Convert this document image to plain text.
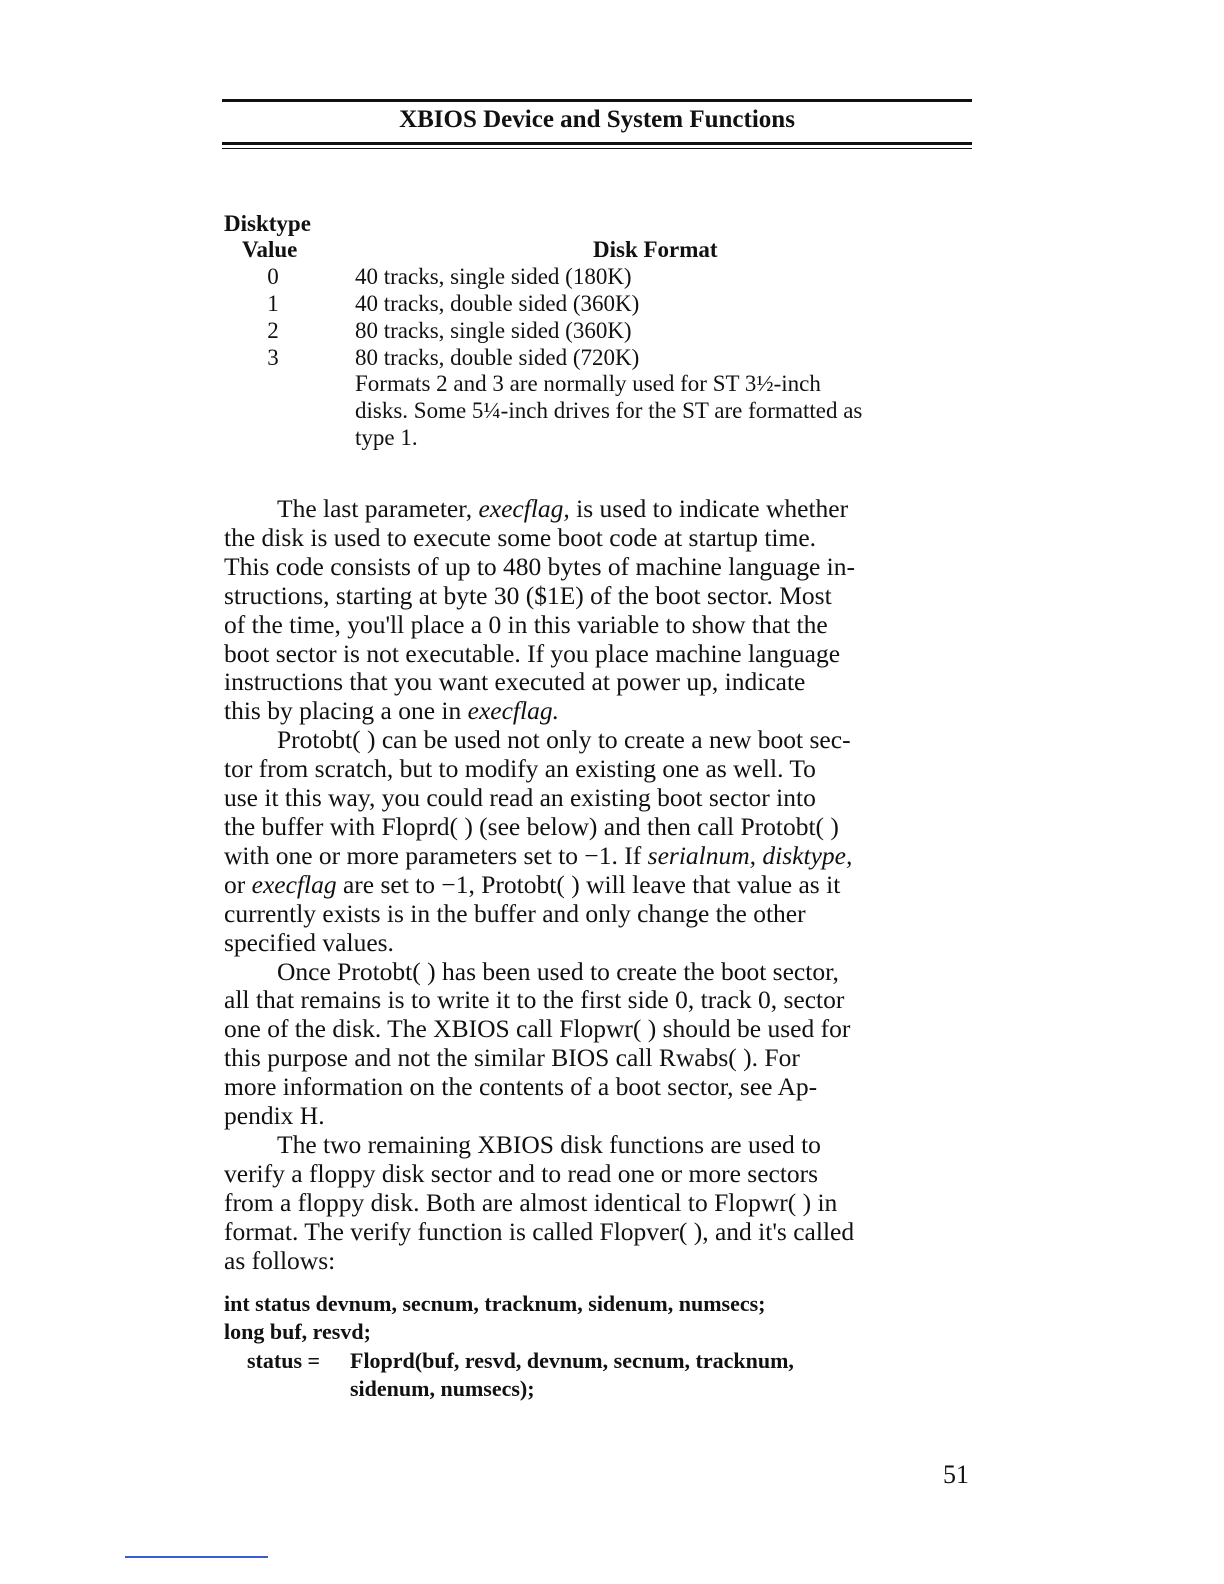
XBIOS Device and System Functions
Disktype
Value	Disk Format
0	40 tracks, single sided (180K)
1	40 tracks, double sided (360K)
2	80 tracks, single sided (360K)
3	80 tracks, double sided (720K)
Formats 2 and 3 are normally used for ST 3½-inch
disks. Some 5¼-inch drives for the ST are formatted as
type 1.
The last parameter, execflag, is used to indicate whether
the disk is used to execute some boot code at startup time.
This code consists of up to 480 bytes of machine language in-
structions, starting at byte 30 ($1E) of the boot sector. Most
of the time, you'll place a 0 in this variable to show that the
boot sector is not executable. If you place machine language
instructions that you want executed at power up, indicate
this by placing a one in execflag.
Protobt( ) can be used not only to create a new boot sec-
tor from scratch, but to modify an existing one as well. To
use it this way, you could read an existing boot sector into
the buffer with Floprd( ) (see below) and then call Protobt( )
with one or more parameters set to −1. If serialnum, disktype,
or execflag are set to −1, Protobt( ) will leave that value as it
currently exists is in the buffer and only change the other
specified values.
Once Protobt( ) has been used to create the boot sector,
all that remains is to write it to the first side 0, track 0, sector
one of the disk. The XBIOS call Flopwr( ) should be used for
this purpose and not the similar BIOS call Rwabs( ). For
more information on the contents of a boot sector, see Ap-
pendix H.
The two remaining XBIOS disk functions are used to
verify a floppy disk sector and to read one or more sectors
from a floppy disk. Both are almost identical to Flopwr( ) in
format. The verify function is called Flopver( ), and it's called
as follows:
int status devnum, secnum, tracknum, sidenum, numsecs;
long buf, resvd;
status = Floprd(buf, resvd, devnum, secnum, tracknum,
sidenum, numsecs);
51
